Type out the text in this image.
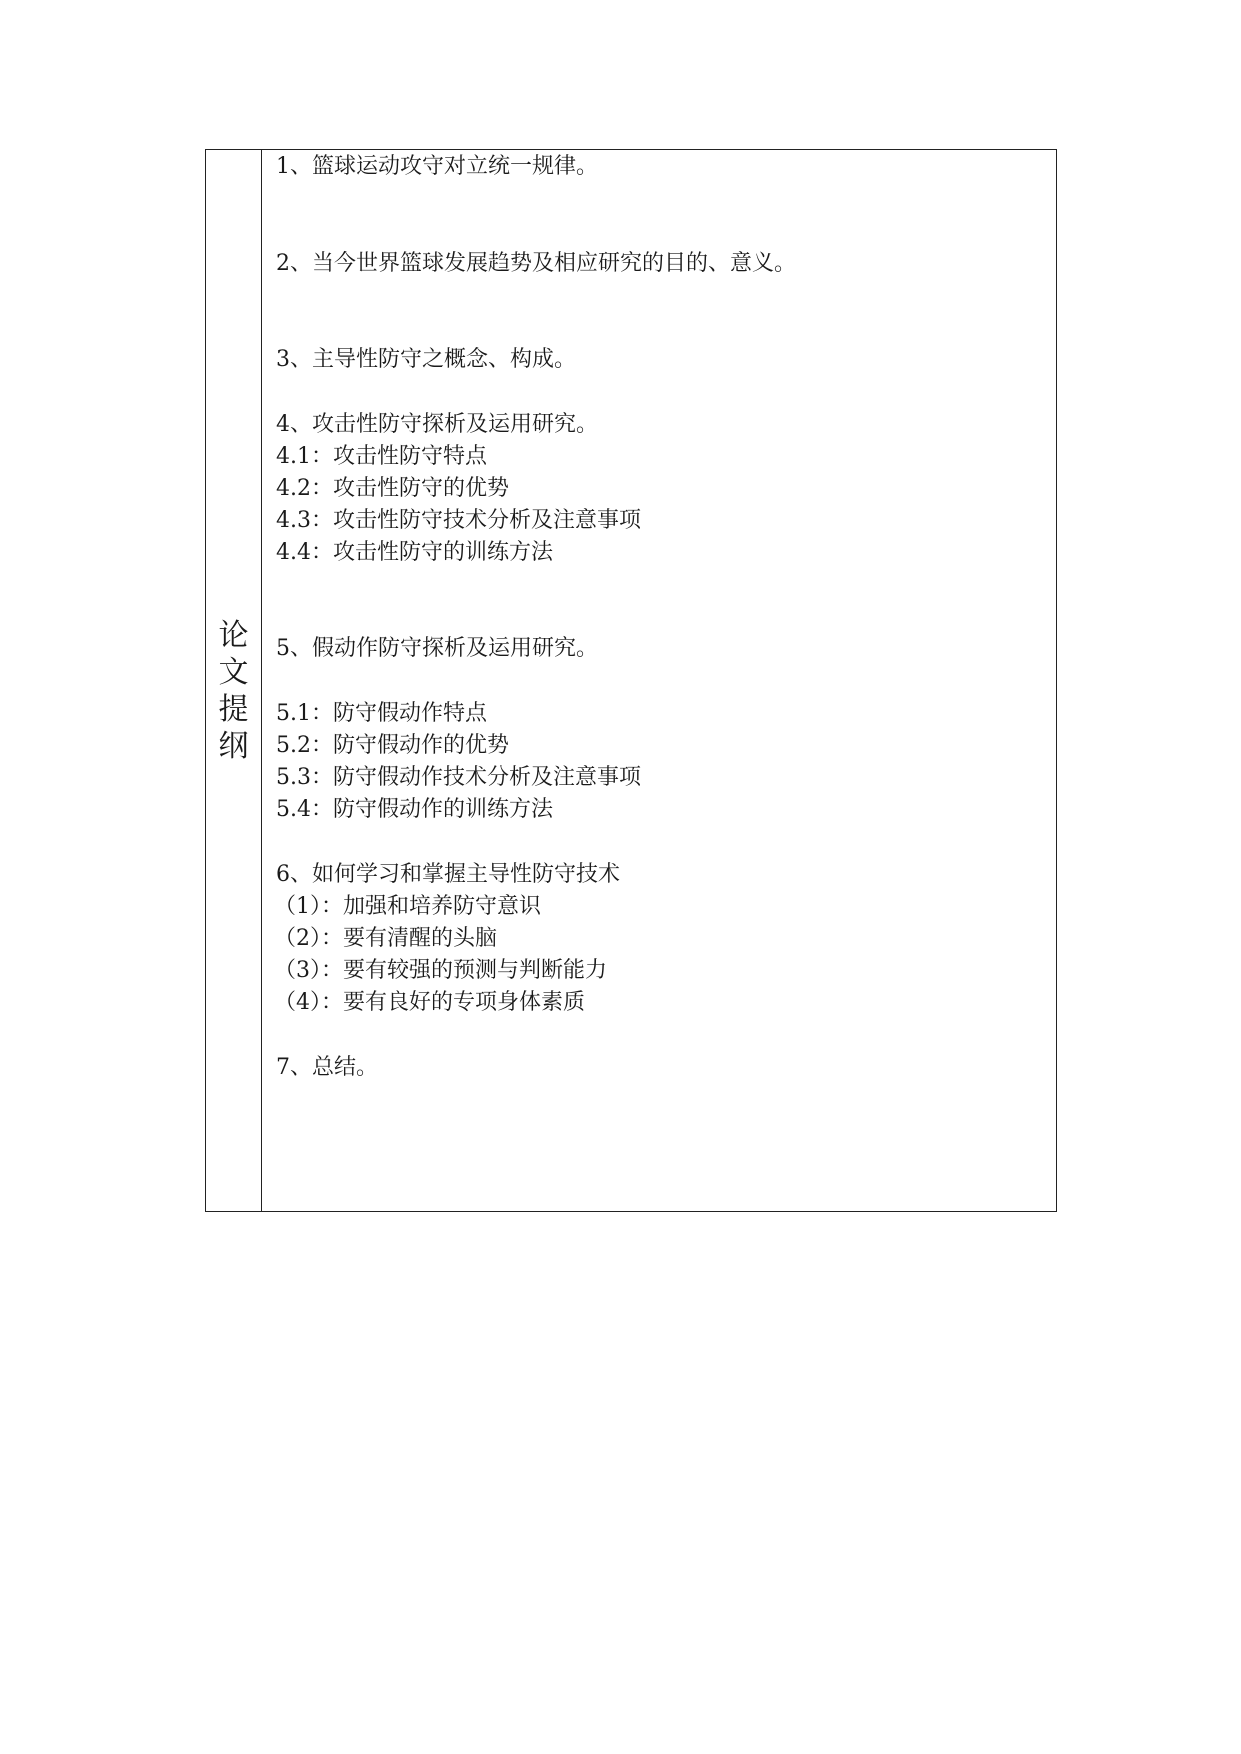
论
文
提
纲
1、篮球运动攻守对立统一规律。
2、当今世界篮球发展趋势及相应研究的目的、意义。
3、主导性防守之概念、构成。
4、攻击性防守探析及运用研究。
4.1：攻击性防守特点
4.2：攻击性防守的优势
4.3：攻击性防守技术分析及注意事项
4.4：攻击性防守的训练方法
5、假动作防守探析及运用研究。
5.1：防守假动作特点
5.2：防守假动作的优势
5.3：防守假动作技术分析及注意事项
5.4：防守假动作的训练方法
6、如何学习和掌握主导性防守技术
（1）：加强和培养防守意识
（2）：要有清醒的头脑
（3）：要有较强的预测与判断能力
（4）：要有良好的专项身体素质
7、总结。
